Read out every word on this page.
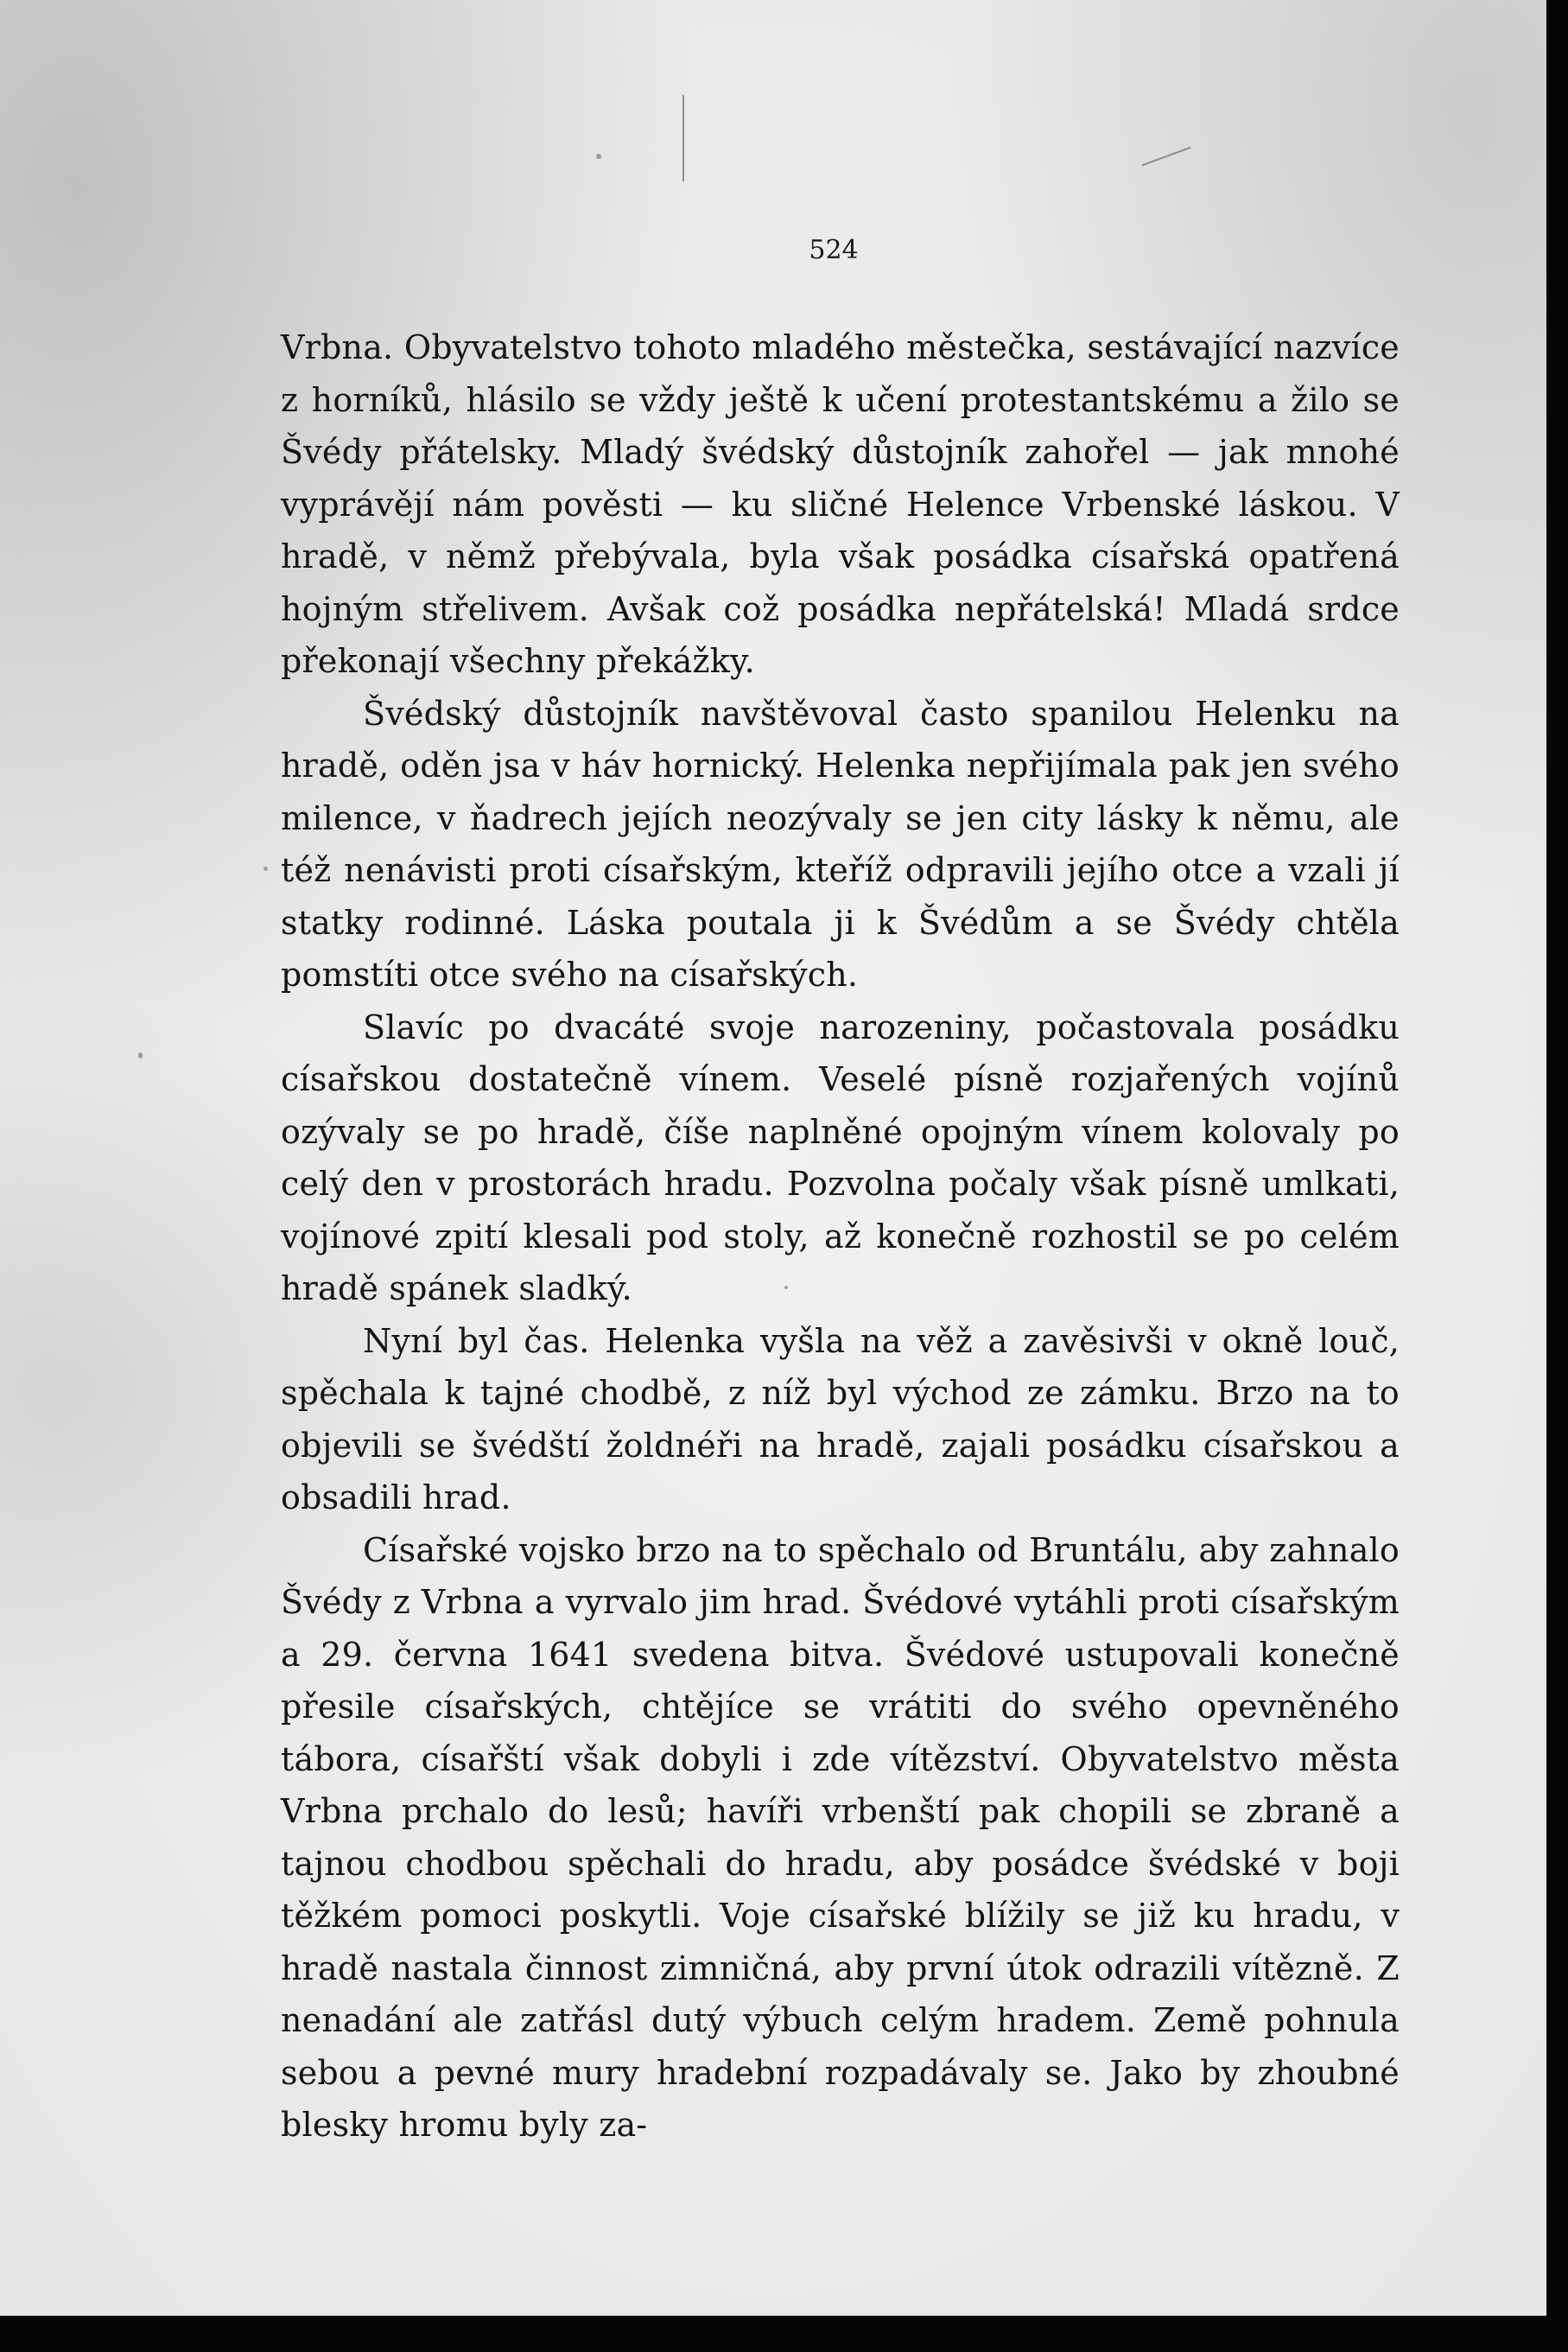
524

Vrbna. Obyvatelstvo tohoto mladého městečka, sestávající nazvíce z horníků, hlásilo se vždy ještě k učení protestantskému a žilo se Švédy přátelsky. Mladý švédský důstojník zahořel — jak mnohé vyprávějí nám pověsti — ku sličné Helence Vrbenské láskou. V hradě, v němž přebývala, byla však posádka císařská opatřená hojným střelivem. Avšak což posádka nepřátelská! Mladá srdce překonají všechny překážky.

Švédský důstojník navštěvoval často spanilou Helenku na hradě, oděn jsa v háv hornický. Helenka nepřijímala pak jen svého milence, v ňadrech jejích neozývaly se jen city lásky k němu, ale též nenávisti proti císařským, kteříž odpravili jejího otce a vzali jí statky rodinné. Láska poutala ji k Švédům a se Švédy chtěla pomstíti otce svého na císařských.

Slavíc po dvacáté svoje narozeniny, počastovala posádku císařskou dostatečně vínem. Veselé písně rozjařených vojínů ozývaly se po hradě, číše naplněné opojným vínem kolovaly po celý den v prostorách hradu. Pozvolna počaly však písně umlkati, vojínové zpití klesali pod stoly, až konečně rozhostil se po celém hradě spánek sladký.

Nyní byl čas. Helenka vyšla na věž a zavěsivši v okně louč, spěchala k tajné chodbě, z níž byl východ ze zámku. Brzo na to objevili se švédští žoldnéři na hradě, zajali posádku císařskou a obsadili hrad.

Císařské vojsko brzo na to spěchalo od Bruntálu, aby zahnalo Švédy z Vrbna a vyrvalo jim hrad. Švédové vytáhli proti císařským a 29. června 1641 svedena bitva. Švédové ustupovali konečně přesile císařských, chtějíce se vrátiti do svého opevněného tábora, císařští však dobyli i zde vítězství. Obyvatelstvo města Vrbna prchalo do lesů; havíři vrbenští pak chopili se zbraně a tajnou chodbou spěchali do hradu, aby posádce švédské v boji těžkém pomoci poskytli. Voje císařské blížily se již ku hradu, v hradě nastala činnost zimničná, aby první útok odrazili vítězně. Z nenadání ale zatřásl dutý výbuch celým hradem. Země pohnula sebou a pevné mury hradební rozpadávaly se. Jako by zhoubné blesky hromu byly za-
